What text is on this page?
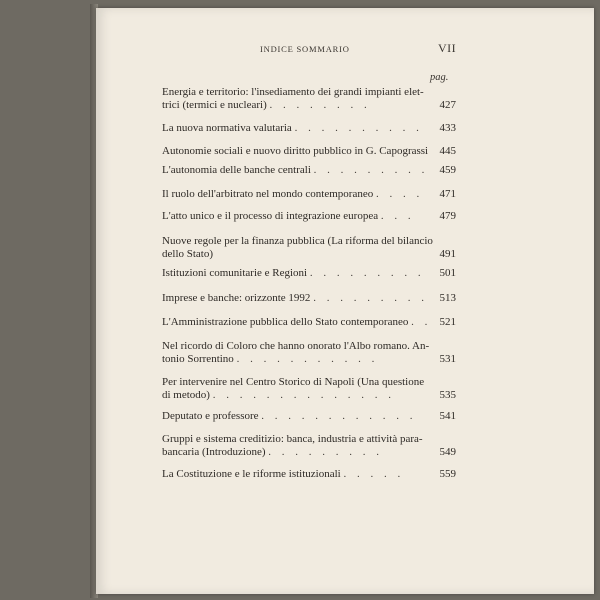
INDICE SOMMARIO	VII
pag.
Energia e territorio: l'insediamento dei grandi impianti elet-
trici (termici e nucleari) . . . . . . . .	427
La nuova normativa valutaria . . . . . . . . . .	433
Autonomie sociali e nuovo diritto pubblico in G. Capograssi	445
L'autonomia delle banche centrali . . . . . . . . .	459
Il ruolo dell'arbitrato nel mondo contemporaneo . . . .	471
L'atto unico e il processo di integrazione europea . . .	479
Nuove regole per la finanza pubblica (La riforma del bilancio
dello Stato)	491
Istituzioni comunitarie e Regioni . . . . . . . . .	501
Imprese e banche: orizzonte 1992 . . . . . . . . .	513
L'Amministrazione pubblica dello Stato contemporaneo . . 521
Nel ricordo di Coloro che hanno onorato l'Albo romano. An-
tonio Sorrentino . . . . . . . . . . .	531
Per intervenire nel Centro Storico di Napoli (Una questione
di metodo) . . . . . . . . . . . . . .	535
Deputato e professore . . . . . . . . . . . .	541
Gruppi e sistema creditizio: banca, industria e attività para-
bancaria (Introduzione) . . . . . . . . .	549
La Costituzione e le riforme istituzionali . . . . .	559
